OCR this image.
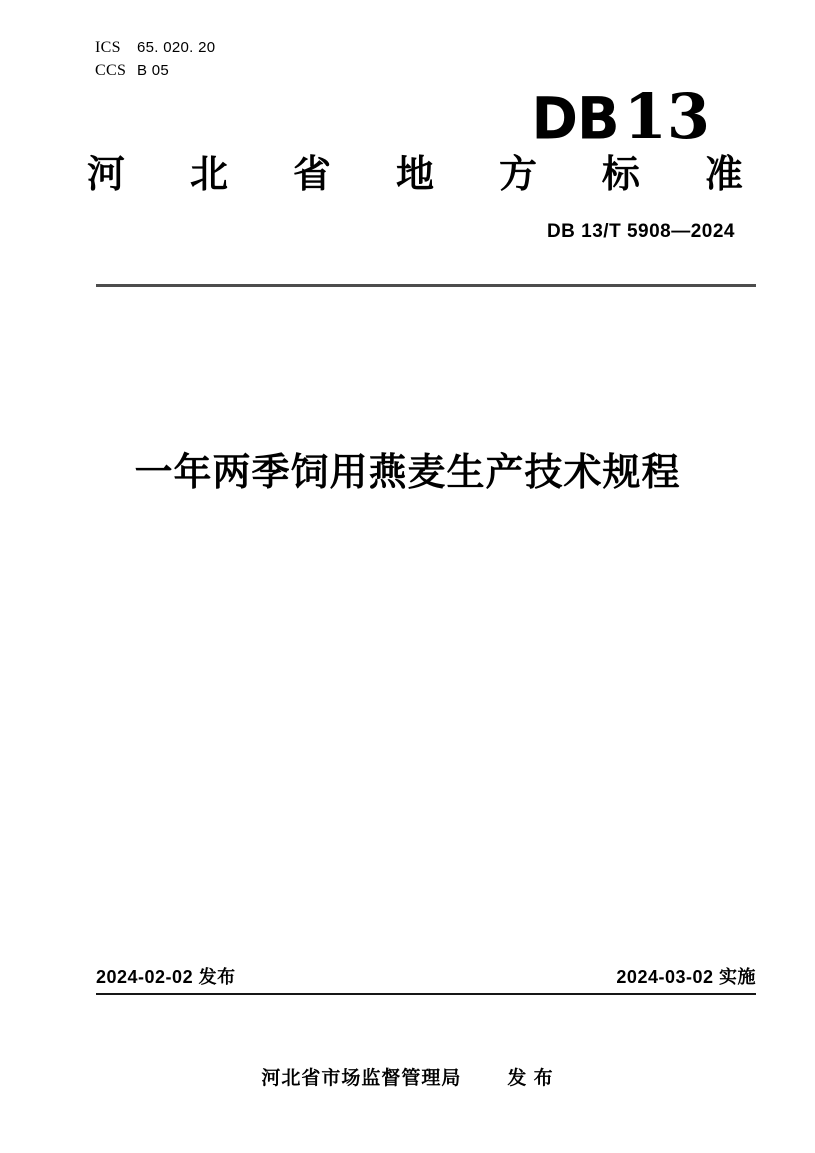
ICS 65. 020. 20
CCS B 05
DB 13
河 北 省 地 方 标 准
DB 13/T 5908—2024
一年两季饲用燕麦生产技术规程
2024-02-02 发布	2024-03-02 实施
河北省市场监督管理局 发 布
